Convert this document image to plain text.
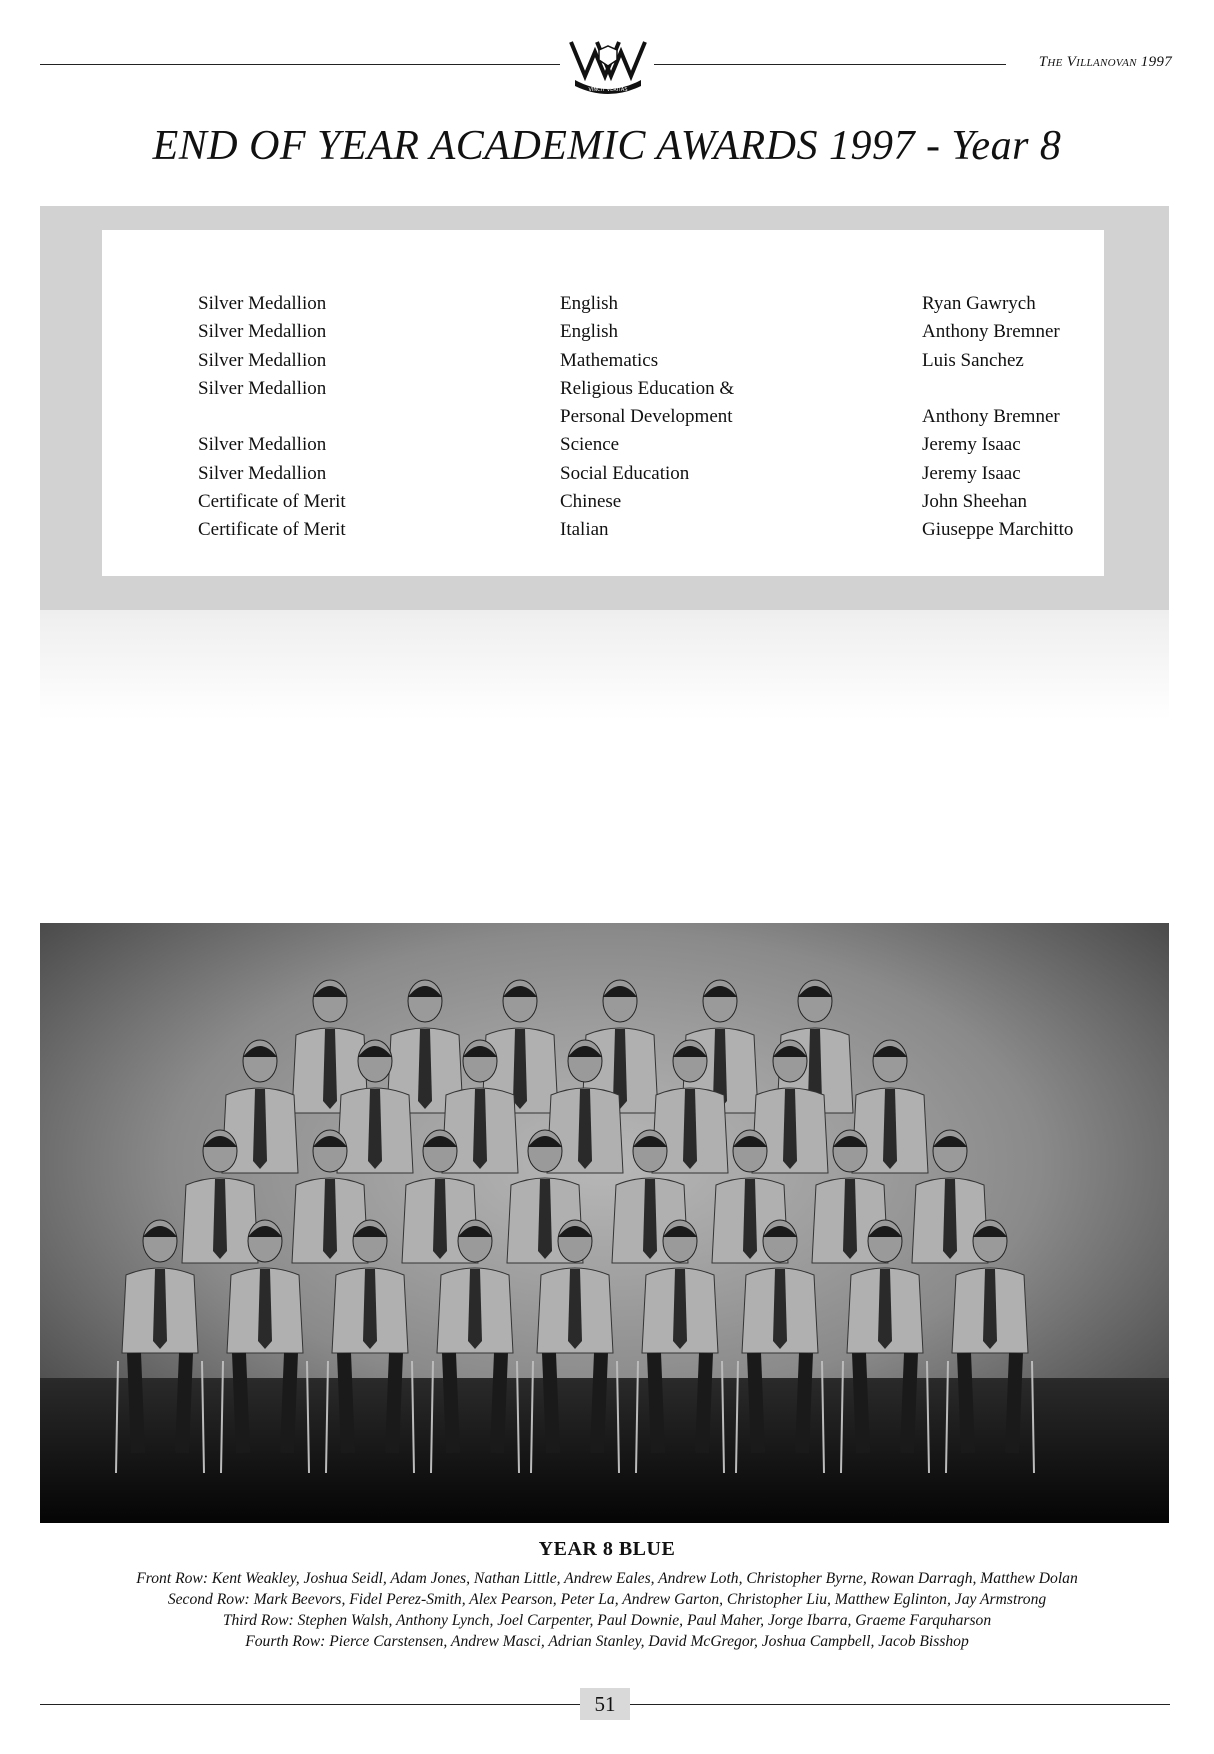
VINCIT VERITAS
The Villanovan 1997
END OF YEAR ACADEMIC AWARDS 1997 - Year 8
Silver Medallion
Silver Medallion
Silver Medallion
Silver Medallion
Silver Medallion
Silver Medallion
Certificate of Merit
Certificate of Merit
English
English
Mathematics
Religious Education &
Personal Development
Science
Social Education
Chinese
Italian
Ryan Gawrych
Anthony Bremner
Luis Sanchez
Anthony Bremner
Jeremy Isaac
Jeremy Isaac
John Sheehan
Giuseppe Marchitto
YEAR 8 BLUE
Front Row: Kent Weakley, Joshua Seidl, Adam Jones, Nathan Little, Andrew Eales, Andrew Loth, Christopher Byrne, Rowan Darragh, Matthew Dolan
Second Row: Mark Beevors, Fidel Perez-Smith, Alex Pearson, Peter La, Andrew Garton, Christopher Liu, Matthew Eglinton, Jay Armstrong
Third Row: Stephen Walsh, Anthony Lynch, Joel Carpenter, Paul Downie, Paul Maher, Jorge Ibarra, Graeme Farquharson
Fourth Row: Pierce Carstensen, Andrew Masci, Adrian Stanley, David McGregor, Joshua Campbell, Jacob Bisshop
51
